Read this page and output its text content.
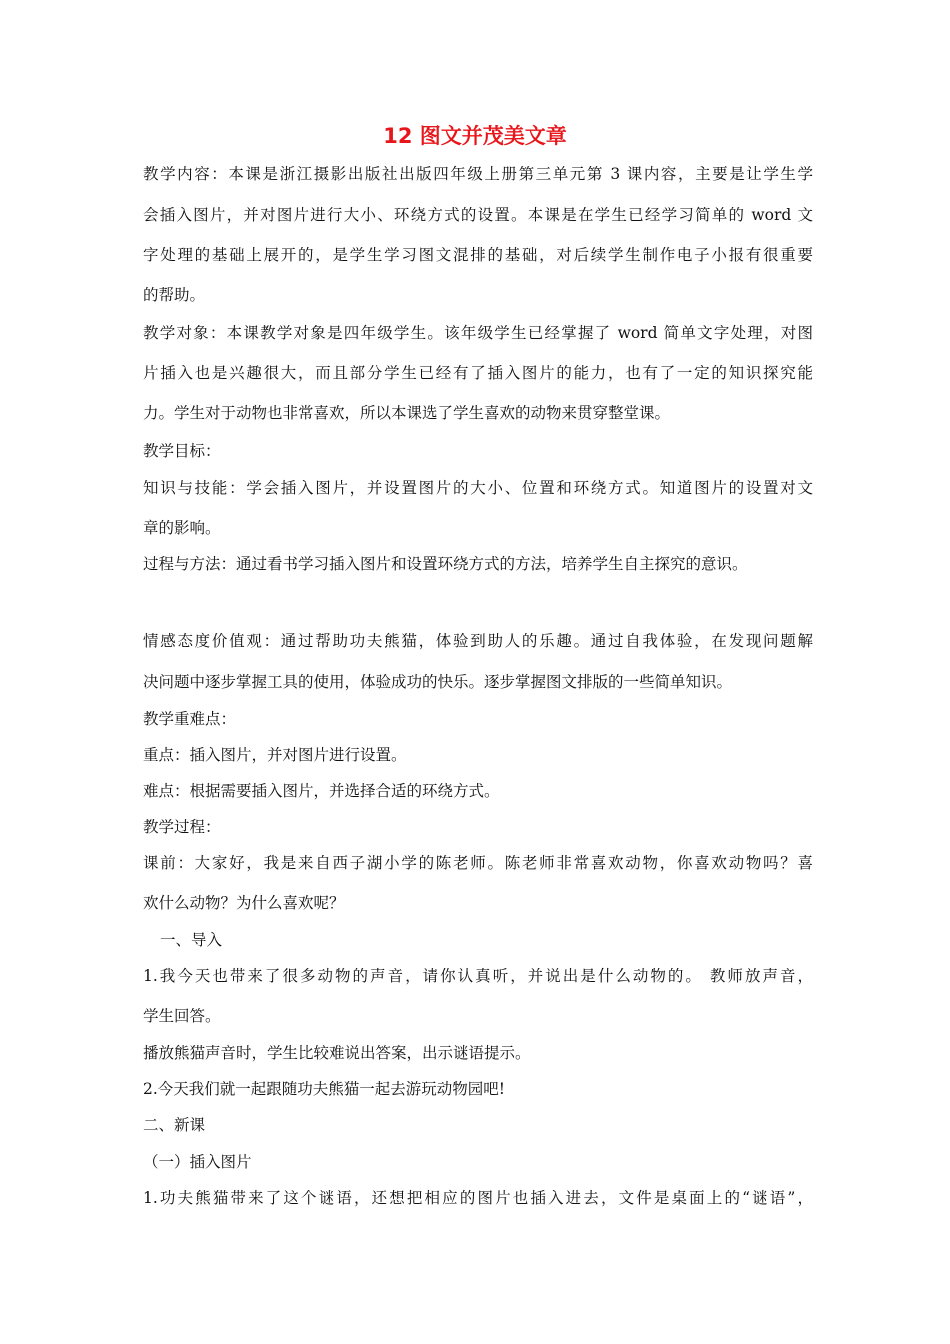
12 图文并茂美文章
教学内容：本课是浙江摄影出版社出版四年级上册第三单元第 3 课内容，主要是让学生学
会插入图片，并对图片进行大小、环绕方式的设置。本课是在学生已经学习简单的 word 文
字处理的基础上展开的，是学生学习图文混排的基础，对后续学生制作电子小报有很重要
的帮助。
教学对象：本课教学对象是四年级学生。该年级学生已经掌握了 word 简单文字处理，对图
片插入也是兴趣很大，而且部分学生已经有了插入图片的能力，也有了一定的知识探究能
力。学生对于动物也非常喜欢，所以本课选了学生喜欢的动物来贯穿整堂课。
教学目标：
知识与技能：学会插入图片，并设置图片的大小、位置和环绕方式。知道图片的设置对文
章的影响。
过程与方法：通过看书学习插入图片和设置环绕方式的方法，培养学生自主探究的意识。
情感态度价值观：通过帮助功夫熊猫，体验到助人的乐趣。通过自我体验，在发现问题解
决问题中逐步掌握工具的使用，体验成功的快乐。逐步掌握图文排版的一些简单知识。
教学重难点：
重点：插入图片，并对图片进行设置。
难点：根据需要插入图片，并选择合适的环绕方式。
教学过程：
课前：大家好，我是来自西子湖小学的陈老师。陈老师非常喜欢动物，你喜欢动物吗？喜
欢什么动物？为什么喜欢呢？
一、导入
1.我今天也带来了很多动物的声音，请你认真听，并说出是什么动物的。 教师放声音，
学生回答。
播放熊猫声音时，学生比较难说出答案，出示谜语提示。
2.今天我们就一起跟随功夫熊猫一起去游玩动物园吧!
二、新课
（一）插入图片
1.功夫熊猫带来了这个谜语，还想把相应的图片也插入进去，文件是桌面上的“谜语”，
